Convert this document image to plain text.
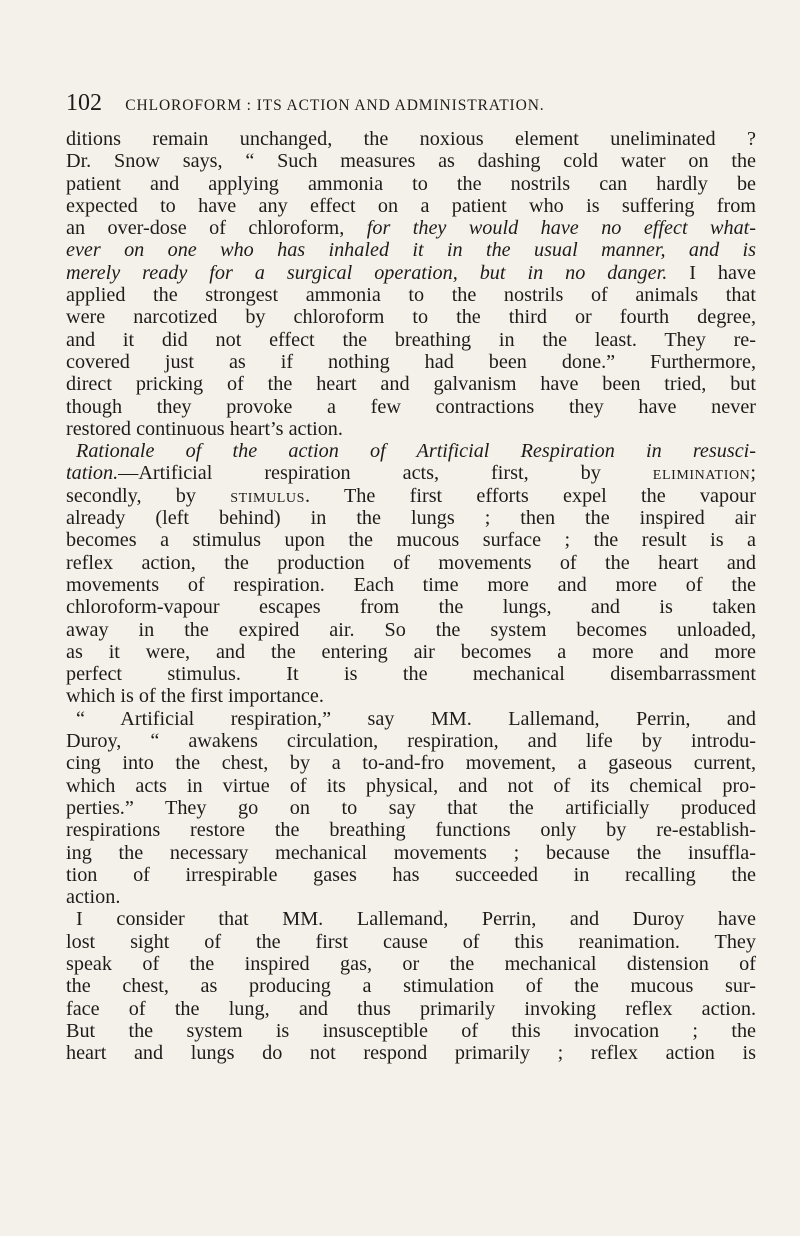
102 CHLOROFORM : ITS ACTION AND ADMINISTRATION.
ditions remain unchanged, the noxious element uneliminated ?
Dr. Snow says, “ Such measures as dashing cold water on the
patient and applying ammonia to the nostrils can hardly be
expected to have any effect on a patient who is suffering from
an over-dose of chloroform, for they would have no effect what-
ever on one who has inhaled it in the usual manner, and is
merely ready for a surgical operation, but in no danger. I have
applied the strongest ammonia to the nostrils of animals that
were narcotized by chloroform to the third or fourth degree,
and it did not effect the breathing in the least. They re-
covered just as if nothing had been done.” Furthermore,
direct pricking of the heart and galvanism have been tried, but
though they provoke a few contractions they have never
restored continuous heart’s action.
Rationale of the action of Artificial Respiration in resusci-
tation.—Artificial respiration acts, first, by elimination;
secondly, by stimulus. The first efforts expel the vapour
already (left behind) in the lungs ; then the inspired air
becomes a stimulus upon the mucous surface ; the result is a
reflex action, the production of movements of the heart and
movements of respiration. Each time more and more of the
chloroform-vapour escapes from the lungs, and is taken
away in the expired air. So the system becomes unloaded,
as it were, and the entering air becomes a more and more
perfect stimulus. It is the mechanical disembarrassment
which is of the first importance.
“ Artificial respiration,” say MM. Lallemand, Perrin, and
Duroy, “ awakens circulation, respiration, and life by introdu-
cing into the chest, by a to-and-fro movement, a gaseous current,
which acts in virtue of its physical, and not of its chemical pro-
perties.” They go on to say that the artificially produced
respirations restore the breathing functions only by re-establish-
ing the necessary mechanical movements ; because the insuffla-
tion of irrespirable gases has succeeded in recalling the
action.
I consider that MM. Lallemand, Perrin, and Duroy have
lost sight of the first cause of this reanimation. They
speak of the inspired gas, or the mechanical distension of
the chest, as producing a stimulation of the mucous sur-
face of the lung, and thus primarily invoking reflex action.
But the system is insusceptible of this invocation ; the
heart and lungs do not respond primarily ; reflex action is
